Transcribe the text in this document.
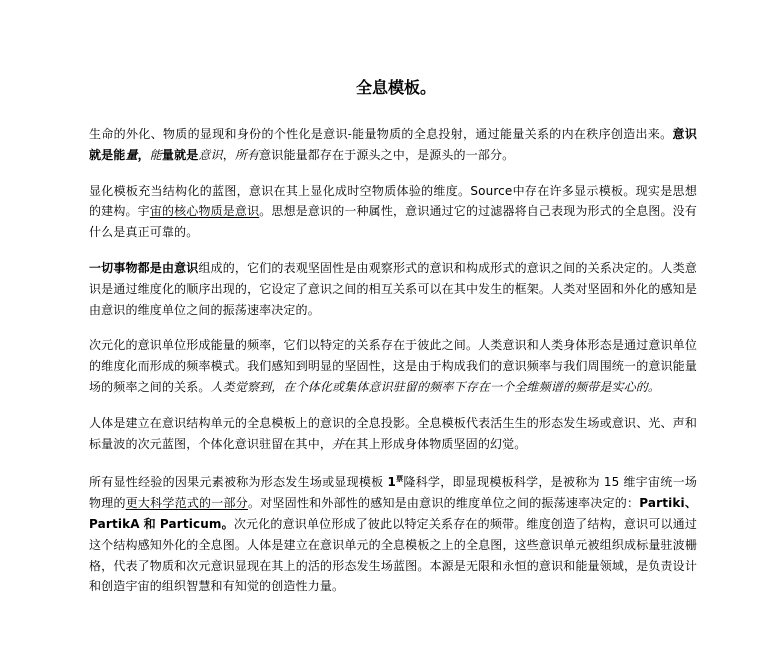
全息模板。

生命的外化、物质的显现和身份的个性化是意识-能量物质的全息投射，通过能量关系的内在秩序创造出来。意识就是能量，能量就是意识，所有意识能量都存在于源头之中，是源头的一部分。

显化模板充当结构化的蓝图，意识在其上显化成时空物质体验的维度。Source中存在许多显示模板。现实是思想的建构。宇宙的核心物质是意识。思想是意识的一种属性，意识通过它的过滤器将自己表现为形式的全息图。没有什么是真正可靠的。

一切事物都是由意识组成的，它们的表观坚固性是由观察形式的意识和构成形式的意识之间的关系决定的。人类意识是通过维度化的顺序出现的，它设定了意识之间的相互关系可以在其中发生的框架。人类对坚固和外化的感知是由意识的维度单位之间的振荡速率决定的。

次元化的意识单位形成能量的频率，它们以特定的关系存在于彼此之间。人类意识和人类身体形态是通过意识单位的维度化而形成的频率模式。我们感知到明显的坚固性，这是由于构成我们的意识频率与我们周围统一的意识能量场的频率之间的关系。人类觉察到，在个体化或集体意识驻留的频率下存在一个全维频谱的频带是实心的。

人体是建立在意识结构单元的全息模板上的意识的全息投影。全息模板代表活生生的形态发生场或意识、光、声和标量波的次元蓝图，个体化意识驻留在其中，并在其上形成身体物质坚固的幻觉。

所有显性经验的因果元素被称为形态发生场或显现模板 $1^票$隆科学，即显现模板科学，是被称为 15 维宇宙统一场物理的更大科学范式的一部分。对坚固性和外部性的感知是由意识的维度单位之间的振荡速率决定的：Partiki、PartikA 和 Particum。次元化的意识单位形成了彼此以特定关系存在的频带。维度创造了结构，意识可以通过这个结构感知外化的全息图。人体是建立在意识单元的全息模板之上的全息图，这些意识单元被组织成标量驻波栅格，代表了物质和次元意识显现在其上的活的形态发生场蓝图。本源是无限和永恒的意识和能量领域，是负责设计和创造宇宙的组织智慧和有知觉的创造性力量。
